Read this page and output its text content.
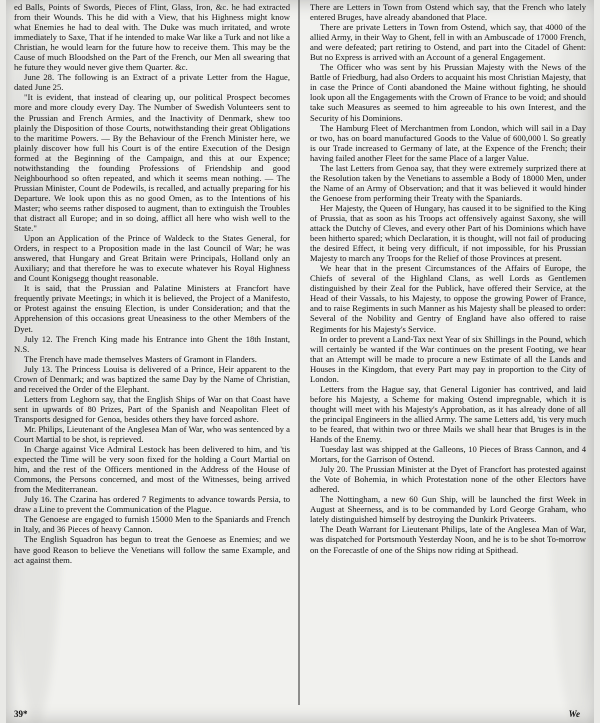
ed Balls, Points of Swords, Pieces of Flint, Glass, Iron, &c. he had extracted from their Wounds. This he did with a View, that his Highness might know what Enemies he had to deal with. The Duke was much irritated, and wrote immediately to Saxe, That if he intended to make War like a Turk and not like a Christian, he would learn for the future how to receive them. This may be the Cause of much Bloodshed on the Part of the French, our Men all swearing that he future they would never give them Quarter. &c.

June 28. The following is an Extract of a private Letter from the Hague, dated June 25.

"It is evident, that instead of clearing up, our political Prospect becomes more and more cloudy every Day. The Number of Swedish Volunteers sent to the Prussian and French Armies, and the Inactivity of Denmark, shew too plainly the Disposition of those Courts, notwithstanding their great Obligations to the maritime Powers. — By the Behaviour of the French Minister here, we plainly discover how full his Court is of the entire Execution of the Design formed at the Beginning of the Campaign, and this at our Expence; notwithstanding the founding Professions of Friendship and good Neighbourhood so often repeated, and which it seems mean nothing. — The Prussian Minister, Count de Podewils, is recalled, and actually preparing for his Departure. We look upon this as no good Omen, as to the Intentions of his Master; who seems rather disposed to augment, than to extinguish the Troubles that distract all Europe; and in so doing, afflict all here who wish well to the State."

Upon an Application of the Prince of Waldeck to the States General, for Orders, in respect to a Proposition made in the last Council of War; he was answered, that Hungary and Great Britain were Principals, Holland only an Auxiliary; and that therefore he was to execute whatever his Royal Highness and Count Konigsegg thought reasonable.

It is said, that the Prussian and Palatine Ministers at Francfort have frequently private Meetings; in which it is believed, the Project of a Manifesto, or Protest against the ensuing Election, is under Consideration; and that the Apprehension of this occasions great Uneasiness to the other Members of the Dyet.

July 12. The French King made his Entrance into Ghent the 18th Instant, N.S.

The French have made themselves Masters of Gramont in Flanders.

July 13. The Princess Louisa is delivered of a Prince, Heir apparent to the Crown of Denmark; and was baptized the same Day by the Name of Christian, and received the Order of the Elephant.

Letters from Leghorn say, that the English Ships of War on that Coast have sent in upwards of 80 Prizes, Part of the Spanish and Neapolitan Fleet of Transports designed for Genoa, besides others they have forced ashore.

Mr. Philips, Lieutenant of the Anglesea Man of War, who was sentenced by a Court Martial to be shot, is reprieved.

In Charge against Vice Admiral Lestock has been delivered to him, and 'tis expected the Time will be very soon fixed for the holding a Court Martial on him, and the rest of the Officers mentioned in the Address of the House of Commons, the Persons concerned, and most of the Witnesses, being arrived from the Mediterranean.

July 16. The Czarina has ordered 7 Regiments to advance towards Persia, to draw a Line to prevent the Communication of the Plague.

The Genoese are engaged to furnish 15000 Men to the Spaniards and French in Italy, and 36 Pieces of heavy Cannon.

The English Squadron has begun to treat the Genoese as Enemies; and we have good Reason to believe the Venetians will follow the same Example, and act against them.

There are Letters in Town from Ostend which say, that the French who lately entered Bruges, have already abandoned that Place.

There are private Letters in Town from Ostend, which say, that 4000 of the allied Army, in their Way to Ghent, fell in with an Ambuscade of 17000 French, and were defeated; part retiring to Ostend, and part into the Citadel of Ghent: But no Express is arrived with an Account of a general Engagement.

The Officer who was sent by his Prussian Majesty with the News of the Battle of Friedburg, had also Orders to acquaint his most Christian Majesty, that in case the Prince of Conti abandoned the Maine without fighting, he should look upon all the Engagements with the Crown of France to be void; and should take such Measures as seemed to him agreeable to his own Interest, and the Security of his Dominions.

The Hamburg Fleet of Merchantmen from London, which will sail in a Day or two, has on board manufactured Goods to the Value of 600,000 l. So greatly is our Trade increased to Germany of late, at the Expence of the French; their having failed another Fleet for the same Place of a larger Value.

The last Letters from Genoa say, that they were extremely surprized there at the Resolution taken by the Venetians to assemble a Body of 18000 Men, under the Name of an Army of Observation; and that it was believed it would hinder the Genoese from performing their Treaty with the Spaniards.

Her Majesty, the Queen of Hungary, has caused it to be signified to the King of Prussia, that as soon as his Troops act offensively against Saxony, she will attack the Dutchy of Cleves, and every other Part of his Dominions which have been hitherto spared; which Declaration, it is thought, will not fail of producing the desired Effect, it being very difficult, if not impossible, for his Prussian Majesty to march any Troops for the Relief of those Provinces at present.

We hear that in the present Circumstances of the Affairs of Europe, the Chiefs of several of the Highland Clans, as well Lords as Gentlemen distinguished by their Zeal for the Publick, have offered their Service, at the Head of their Vassals, to his Majesty, to oppose the growing Power of France, and to raise Regiments in such Manner as his Majesty shall be pleased to order: Several of the Nobility and Gentry of England have also offered to raise Regiments for his Majesty's Service.

In order to prevent a Land-Tax next Year of six Shillings in the Pound, which will certainly be wanted if the War continues on the present Footing, we hear that an Attempt will be made to procure a new Estimate of all the Lands and Houses in the Kingdom, that every Part may pay in proportion to the City of London.

Letters from the Hague say, that General Ligonier has contrived, and laid before his Majesty, a Scheme for making Ostend impregnable, which it is thought will meet with his Majesty's Approbation, as it has already done of all the principal Engineers in the allied Army. The same Letters add, 'tis very much to be feared, that within two or three Mails we shall hear that Bruges is in the Hands of the Enemy.

Tuesday last was shipped at the Galleons, 10 Pieces of Brass Cannon, and 4 Mortars, for the Garrison of Ostend.

July 20. The Prussian Minister at the Dyet of Francfort has protested against the Vote of Bohemia, in which Protestation none of the other Electors have adhered.

The Nottingham, a new 60 Gun Ship, will be launched the first Week in August at Sheerness, and is to be commanded by Lord George Graham, who lately distinguished himself by destroying the Dunkirk Privateers.

The Death Warrant for Lieutenant Philips, late of the Anglesea Man of War, was dispatched for Portsmouth Yesterday Noon, and he is to be shot To-morrow on the Forecastle of one of the Ships now riding at Spithead.

39*	We
